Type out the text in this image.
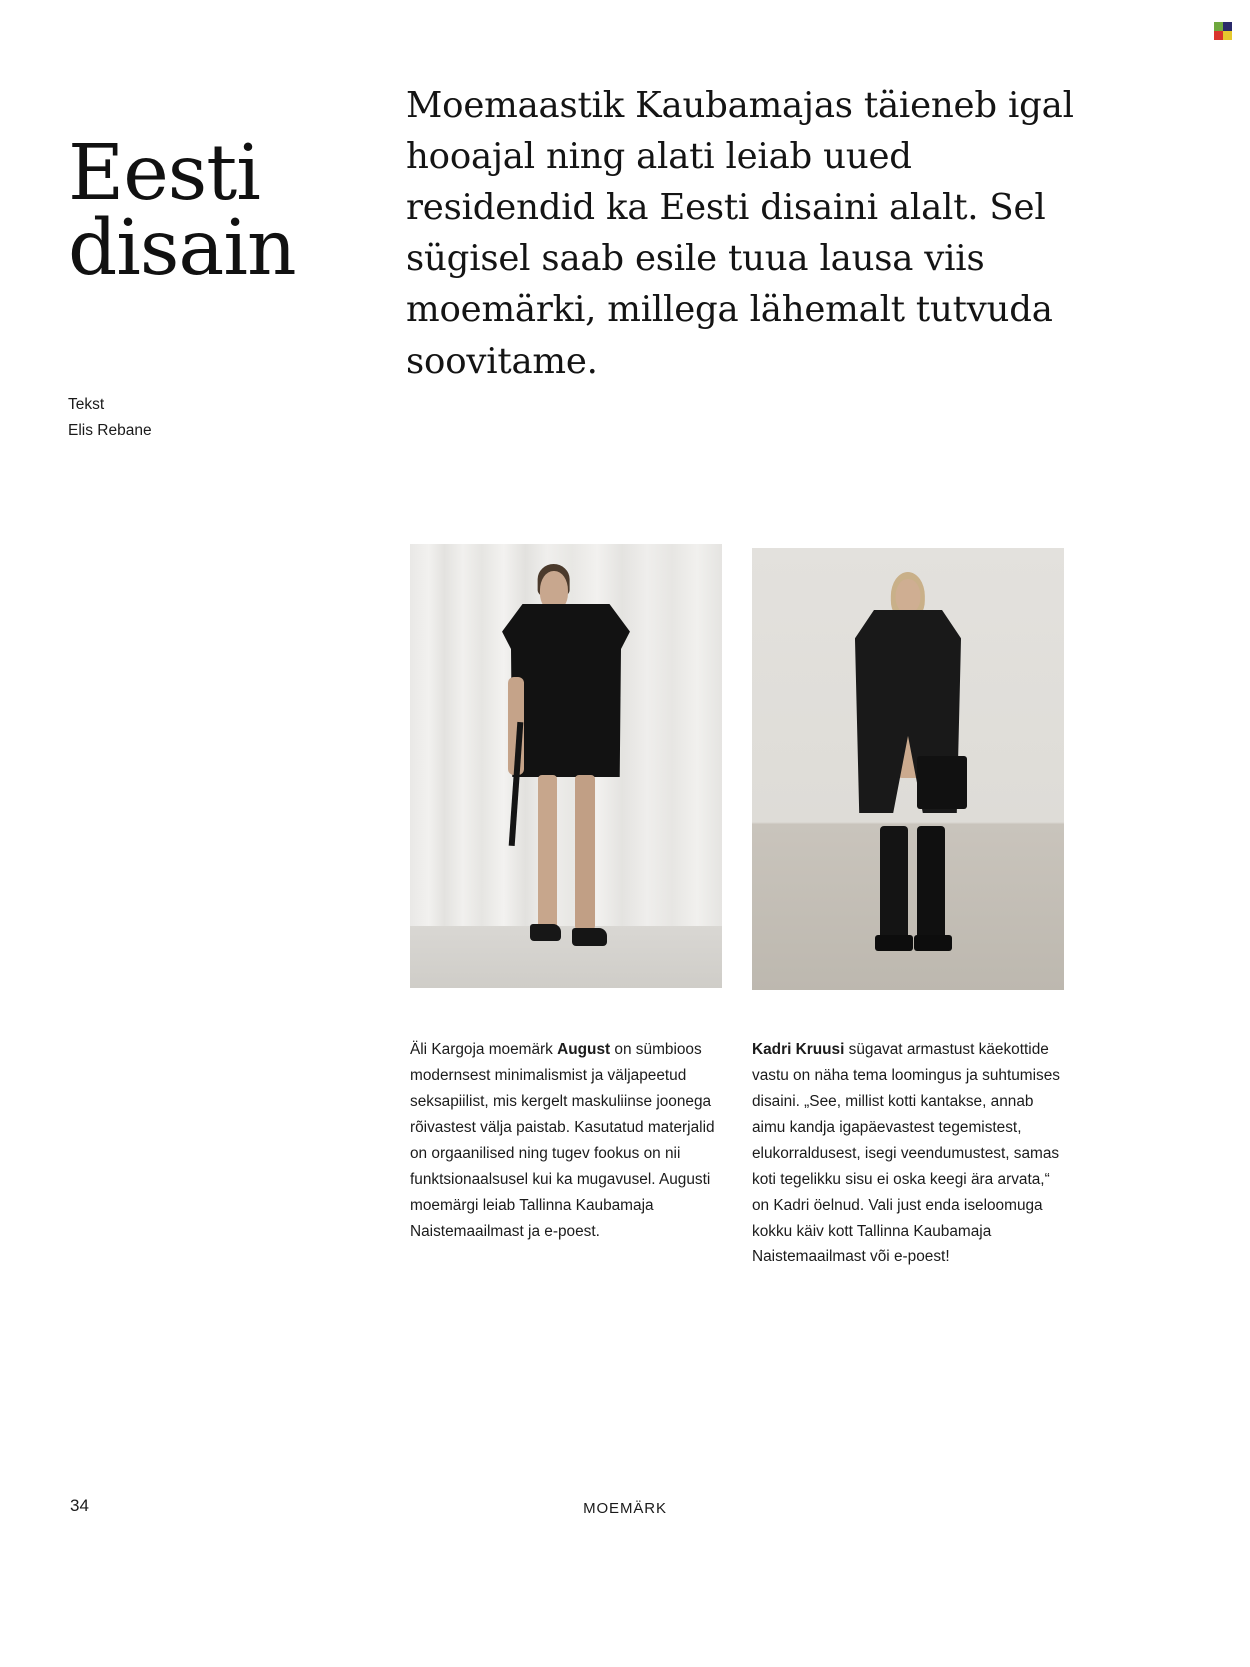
Eesti
disain
Tekst
Elis Rebane
Moemaastik Kaubamajas täieneb igal hooajal ning alati leiab uued residendid ka Eesti disaini alalt. Sel sügisel saab esile tuua lausa viis moemärki, millega lähemalt tutvuda soovitame.

Äli Kargoja moemärk August on sümbioos modernsest minimalismist ja väljapeetud seksapiilist, mis kergelt maskuliinse joonega rõivastest välja paistab. Kasutatud materjalid on orgaanilised ning tugev fookus on nii funktsionaalsusel kui ka mugavusel. Augusti moemärgi leiab Tallinna Kaubamaja Naistemaailmast ja e-poest.

Kadri Kruusi sügavat armastust käekottide vastu on näha tema loomingus ja suhtumises disaini. „See, millist kotti kantakse, annab aimu kandja igapäevastest tegemistest, elukorraldusest, isegi veendumustest, samas koti tegelikku sisu ei oska keegi ära arvata,“ on Kadri öelnud. Vali just enda iseloomuga kokku käiv kott Tallinna Kaubamaja Naistemaailmast või e-poest!

34	MOEMÄRK
